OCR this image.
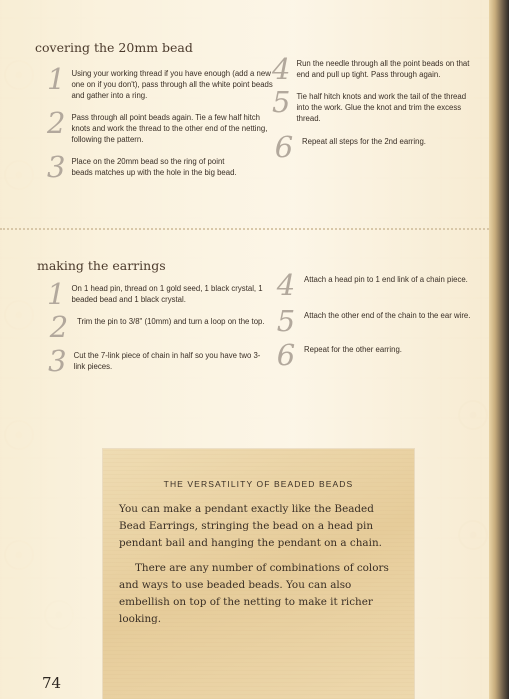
covering the 20mm bead
1 Using your working thread if you have enough (add a new one on if you don't), pass through all the white point beads and gather into a ring.
2 Pass through all point beads again. Tie a few half hitch knots and work the thread to the other end of the netting, following the pattern.
3 Place on the 20mm bead so the ring of point beads matches up with the hole in the big bead.
4 Run the needle through all the point beads on that end and pull up tight. Pass through again.
5 Tie half hitch knots and work the tail of the thread into the work. Glue the knot and trim the excess thread.
6	Repeat all steps for the 2nd earring.
making the earrings
1 On 1 head pin, thread on 1 gold seed, 1 black crystal, 1 beaded bead and 1 black crystal.
2	Trim the pin to 3/8" (10mm) and turn a loop on the top.
3 Cut the 7-link piece of chain in half so you have two 3-link pieces.
4	Attach a head pin to 1 end link of a chain piece.
5	Attach the other end of the chain to the ear wire.
6	Repeat for the other earring.
THE VERSATILITY OF BEADED BEADS

You can make a pendant exactly like the Beaded Bead Earrings, stringing the bead on a head pin pendant bail and hanging the pendant on a chain.

There are any number of combinations of colors and ways to use beaded beads. You can also embellish on top of the netting to make it richer looking.

74
